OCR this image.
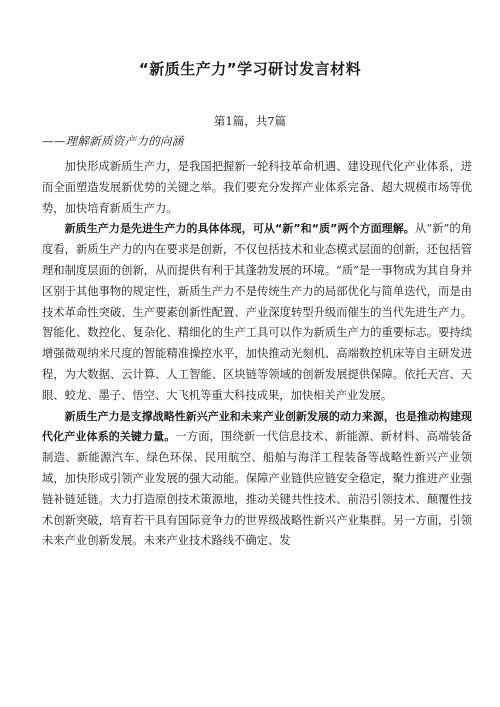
“新质生产力”学习研讨发言材料
第1篇，共7篇
——理解新质资产力的向涵

加快形成新质生产力，是我国把握新一轮科技革命机遇、建设现代化产业体系，进而全面塑造发展新优势的关键之举。我们要充分发挥产业体系完备、超大规模市场等优势，加快培育新质生产力。

新质生产力是先进生产力的具体体现，可从“新”和“质”两个方面理解。从“新”的角度看，新质生产力的内在要求是创新，不仅包括技术和业态模式层面的创新，还包括管理和制度层面的创新，从而提供有利于其蓬勃发展的环境。“质”是一事物成为其自身并区别于其他事物的规定性，新质生产力不是传统生产力的局部优化与简单迭代，而是由技术革命性突破、生产要素创新性配置、产业深度转型升级而催生的当代先进生产力。智能化、数控化、复杂化、精细化的生产工具可以作为新质生产力的重要标志。要持续增强微观纳米尺度的智能精准操控水平，加快推动光刻机、高端数控机床等自主研发进程，为大数据、云计算、人工智能、区块链等领域的创新发展提供保障。依托天宫、天眼、蛟龙、墨子、悟空、大飞机等重大科技成果，加快相关产业发展。

新质生产力是支撑战略性新兴产业和未来产业创新发展的动力来源，也是推动构建现代化产业体系的关键力量。一方面，围绕新一代信息技术、新能源、新材料、高端装备制造、新能源汽车、绿色环保、民用航空、船舶与海洋工程装备等战略性新兴产业领域，加快形成引领产业发展的强大动能。保障产业链供应链安全稳定，聚力推进产业强链补链延链。大力打造原创技术策源地，推动关键共性技术、前沿引领技术、颠覆性技术创新突破，培育若干具有国际竞争力的世界级战略性新兴产业集群。另一方面，引领未来产业创新发展。未来产业技术路线不确定、发
